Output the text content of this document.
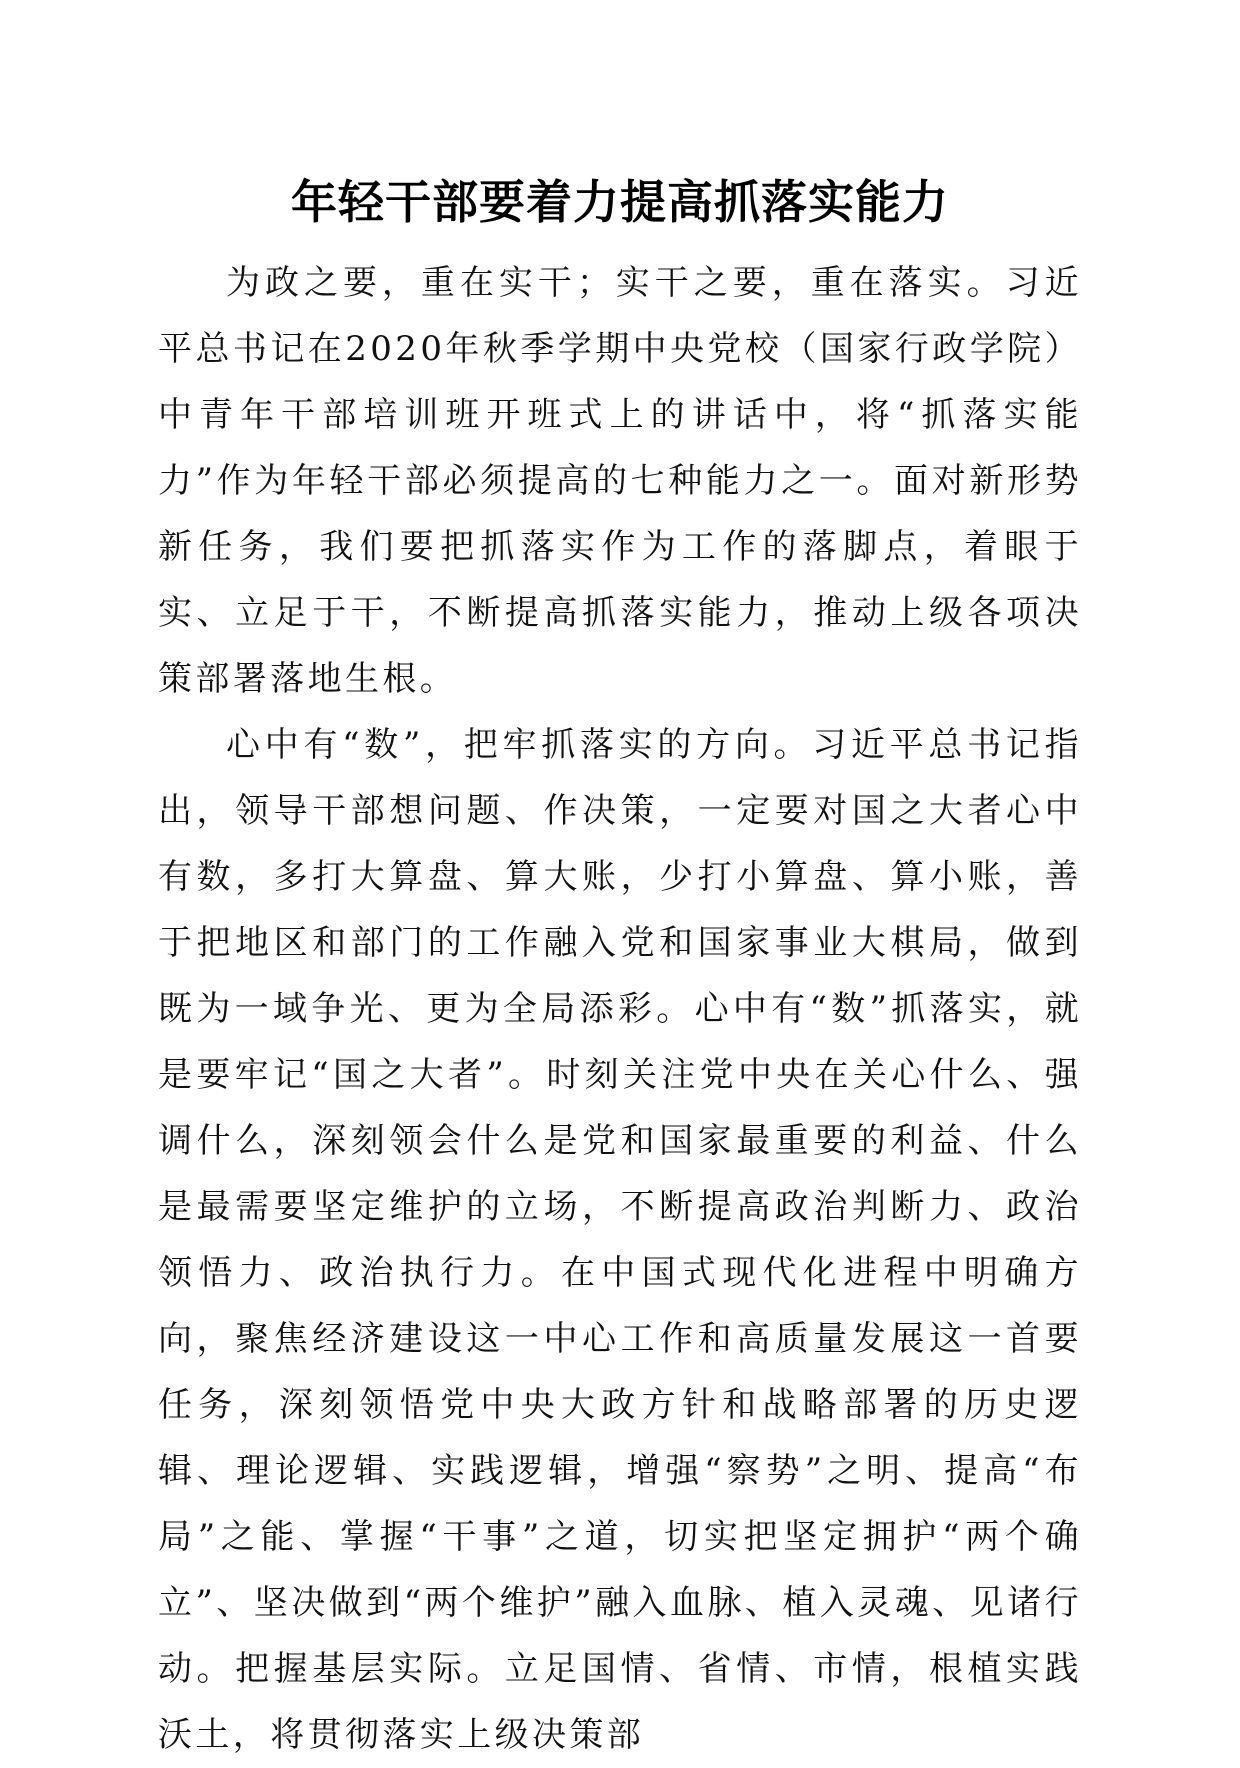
年轻干部要着力提高抓落实能力

为政之要，重在实干；实干之要，重在落实。习近平总书记在2020年秋季学期中央党校（国家行政学院）中青年干部培训班开班式上的讲话中，将“抓落实能力”作为年轻干部必须提高的七种能力之一。面对新形势新任务，我们要把抓落实作为工作的落脚点，着眼于实、立足于干，不断提高抓落实能力，推动上级各项决策部署落地生根。

心中有“数”，把牢抓落实的方向。习近平总书记指出，领导干部想问题、作决策，一定要对国之大者心中有数，多打大算盘、算大账，少打小算盘、算小账，善于把地区和部门的工作融入党和国家事业大棋局，做到既为一域争光、更为全局添彩。心中有“数”抓落实，就是要牢记“国之大者”。时刻关注党中央在关心什么、强调什么，深刻领会什么是党和国家最重要的利益、什么是最需要坚定维护的立场，不断提高政治判断力、政治领悟力、政治执行力。在中国式现代化进程中明确方向，聚焦经济建设这一中心工作和高质量发展这一首要任务，深刻领悟党中央大政方针和战略部署的历史逻辑、理论逻辑、实践逻辑，增强“察势”之明、提高“布局”之能、掌握“干事”之道，切实把坚定拥护“两个确立”、坚决做到“两个维护”融入血脉、植入灵魂、见诸行动。把握基层实际。立足国情、省情、市情，根植实践沃土，将贯彻落实上级决策部
